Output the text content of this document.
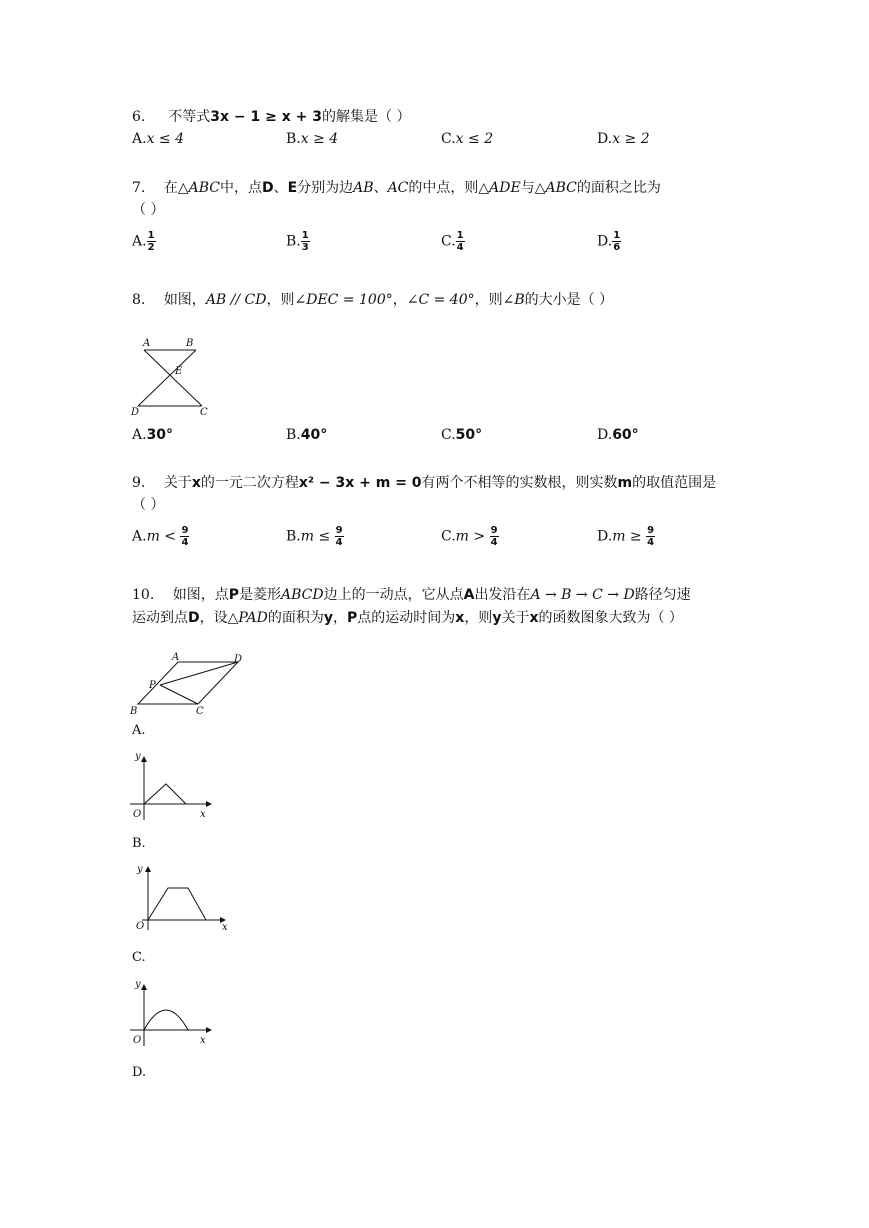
6. 不等式3x − 1 ≥ x + 3的解集是（ ）
A.x ≤ 4	B.x ≥ 4	C.x ≤ 2	D.x ≥ 2
7. 在△ABC中，点D、E分别为边AB、AC的中点，则△ADE与△ABC的面积之比为
（ ）
A. $\frac{1}{2}$	B. $\frac{1}{3}$	C. $\frac{1}{4}$	D. $\frac{1}{6}$
8. 如图，AB // CD，则∠DEC = 100°，∠C = 40°，则∠B的大小是（ ）
A	B
E
D	C
A.30°	B.40°	C.50°	D.60°
9. 关于x的一元二次方程x² − 3x + m = 0有两个不相等的实数根，则实数m的取值范围是
（ ）
$A.m < \frac{9}{4}$	$B.m \le \frac{9}{4}$	$C.m > \frac{9}{4}$	$D.m \ge \frac{9}{4}$
10. 如图，点P是菱形ABCD边上的一动点，它从点A出发沿在A → B → C → D路径匀速
运动到点D，设△PAD的面积为y，P点的运动时间为x，则y关于x的函数图象大致为（ ）
A	D
P
B	C
A.
y
O	x
B.
y
O	x
C.
y
O	x
D.
